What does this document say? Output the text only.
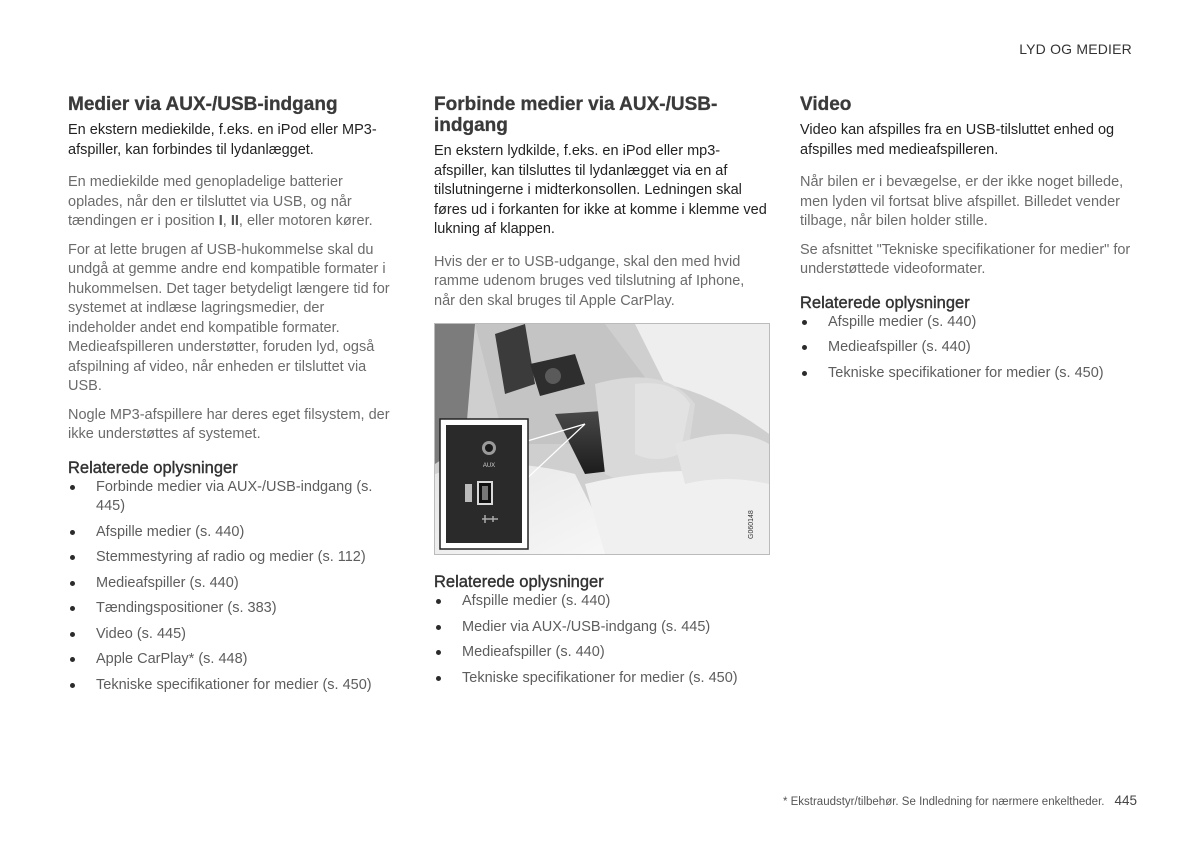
LYD OG MEDIER
Medier via AUX-/USB-indgang

En ekstern mediekilde, f.eks. en iPod eller MP3-afspiller, kan forbindes til lydanlægget.

En mediekilde med genopladelige batterier oplades, når den er tilsluttet via USB, og når tændingen er i position I, II, eller motoren kører.

For at lette brugen af USB-hukommelse skal du undgå at gemme andre end kompatible formater i hukommelsen. Det tager betydeligt længere tid for systemet at indlæse lagringsmedier, der indeholder andet end kompatible formater. Medieafspilleren understøtter, foruden lyd, også afspilning af video, når enheden er tilsluttet via USB.

Nogle MP3-afspillere har deres eget filsystem, der ikke understøttes af systemet.

Relaterede oplysninger
Forbinde medier via AUX-/USB-indgang (s. 445)
Afspille medier (s. 440)
Stemmestyring af radio og medier (s. 112)
Medieafspiller (s. 440)
Tændingspositioner (s. 383)
Video (s. 445)
Apple CarPlay* (s. 448)
Tekniske specifikationer for medier (s. 450)
Forbinde medier via AUX-/USB-indgang

En ekstern lydkilde, f.eks. en iPod eller mp3-afspiller, kan tilsluttes til lydanlægget via en af tilslutningerne i midterkonsollen. Ledningen skal føres ud i forkanten for ikke at komme i klemme ved lukning af klappen.

Hvis der er to USB-udgange, skal den med hvid ramme udenom bruges ved tilslutning af Iphone, når den skal bruges til Apple CarPlay.

AUX
G060148
Relaterede oplysninger
Afspille medier (s. 440)
Medier via AUX-/USB-indgang (s. 445)
Medieafspiller (s. 440)
Tekniske specifikationer for medier (s. 450)
Video

Video kan afspilles fra en USB-tilsluttet enhed og afspilles med medieafspilleren.

Når bilen er i bevægelse, er der ikke noget billede, men lyden vil fortsat blive afspillet. Billedet vender tilbage, når bilen holder stille.

Se afsnittet "Tekniske specifikationer for medier" for understøttede videoformater.

Relaterede oplysninger
Afspille medier (s. 440)
Medieafspiller (s. 440)
Tekniske specifikationer for medier (s. 450)
* Ekstraudstyr/tilbehør. Se Indledning for nærmere enkeltheder. 445
